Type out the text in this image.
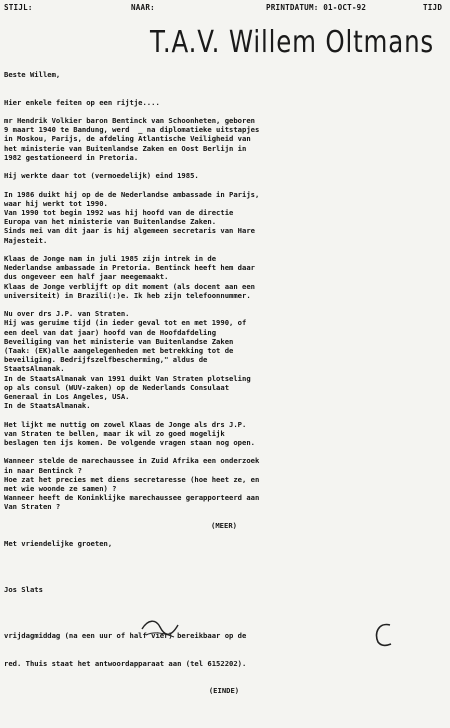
STIJL:	NAAR:	PRINTDATUM: 01-OCT-92	TIJD
T.A.V. Willem Oltmans
Beste Willem,
Hier enkele feiten op een rijtje....
mr Hendrik Volkier baron Bentinck van Schoonheten, geboren
9 maart 1940 te Bandung, werd  _ na diplomatieke uitstapjes
in Moskou, Parijs, de afdeling Atlantische Veiligheid van
het ministerie van Buitenlandse Zaken en Oost Berlijn in
1982 gestationeerd in Pretoria.
Hij werkte daar tot (vermoedelijk) eind 1985.
In 1986 duikt hij op de de Nederlandse ambassade in Parijs,
waar hij werkt tot 1990.
Van 1990 tot begin 1992 was hij hoofd van de directie
Europa van het ministerie van Buitenlandse Zaken.
Sinds mei van dit jaar is hij algemeen secretaris van Hare
Majesteit.
Klaas de Jonge nam in juli 1985 zijn intrek in de
Nederlandse ambassade in Pretoria. Bentinck heeft hem daar
dus ongeveer een half jaar meegemaakt.
Klaas de Jonge verblijft op dit moment (als docent aan een
universiteit) in Brazili(:)e. Ik heb zijn telefoonnummer.
Nu over drs J.P. van Straten.
Hij was geruime tijd (in ieder geval tot en met 1990, of
een deel van dat jaar) hoofd van de Hoofdafdeling
Beveiliging van het ministerie van Buitenlandse Zaken
(Taak: (EK)alle aangelegenheden met betrekking tot de
beveiliging. Bedrijfszelfbescherming," aldus de
StaatsAlmanak.
In de StaatsAlmanak van 1991 duikt Van Straten plotseling
op als consul (WUV-zaken) op de Nederlands Consulaat
Generaal in Los Angeles, USA.
In de StaatsAlmanak.
Het lijkt me nuttig om zowel Klaas de Jonge als drs J.P.
van Straten te bellen, maar ik wil zo goed mogelijk
beslagen ten ijs komen. De volgende vragen staan nog open.
Wanneer stelde de marechaussee in Zuid Afrika een onderzoek
in naar Bentinck ?
Hoe zat het precies met diens secretaresse (hoe heet ze, en
met wie woonde ze samen) ?
Wanneer heeft de Koninklijke marechaussee gerapporteerd aan
Van Straten ?
(MEER)
Met vriendelijke groeten,
Jos Slats

vrijdagmiddag (na een uur of half vier) bereikbaar op de

red. Thuis staat het antwoordapparaat aan (tel 6152202).

(EINDE)
